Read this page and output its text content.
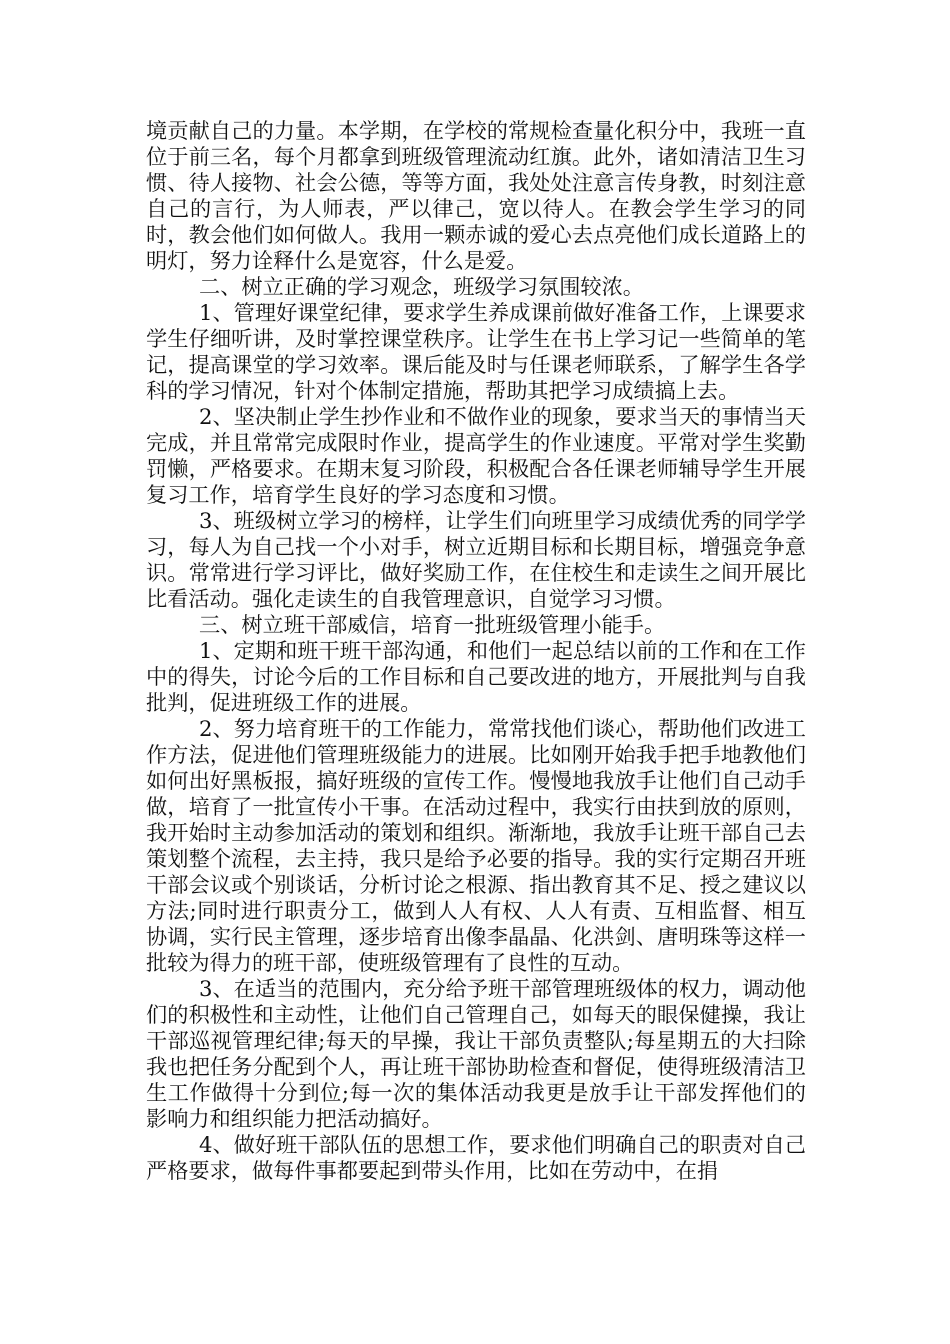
境贡献自己的力量。本学期，在学校的常规检查量化积分中，我班一直位于前三名，每个月都拿到班级管理流动红旗。此外，诸如清洁卫生习惯、待人接物、社会公德，等等方面，我处处注意言传身教，时刻注意自己的言行，为人师表，严以律己，宽以待人。在教会学生学习的同时，教会他们如何做人。我用一颗赤诚的爱心去点亮他们成长道路上的明灯，努力诠释什么是宽容，什么是爱。

二、树立正确的学习观念，班级学习氛围较浓。

1、管理好课堂纪律，要求学生养成课前做好准备工作，上课要求学生仔细听讲，及时掌控课堂秩序。让学生在书上学习记一些简单的笔记，提高课堂的学习效率。课后能及时与任课老师联系，了解学生各学科的学习情况，针对个体制定措施，帮助其把学习成绩搞上去。

2、坚决制止学生抄作业和不做作业的现象，要求当天的事情当天完成，并且常常完成限时作业，提高学生的作业速度。平常对学生奖勤罚懒，严格要求。在期末复习阶段，积极配合各任课老师辅导学生开展复习工作，培育学生良好的学习态度和习惯。

3、班级树立学习的榜样，让学生们向班里学习成绩优秀的同学学习，每人为自己找一个小对手，树立近期目标和长期目标，增强竞争意识。常常进行学习评比，做好奖励工作，在住校生和走读生之间开展比比看活动。强化走读生的自我管理意识，自觉学习习惯。

三、树立班干部威信，培育一批班级管理小能手。

1、定期和班干班干部沟通，和他们一起总结以前的工作和在工作中的得失，讨论今后的工作目标和自己要改进的地方，开展批判与自我批判，促进班级工作的进展。

2、努力培育班干的工作能力，常常找他们谈心，帮助他们改进工作方法，促进他们管理班级能力的进展。比如刚开始我手把手地教他们如何出好黑板报，搞好班级的宣传工作。慢慢地我放手让他们自己动手做，培育了一批宣传小干事。在活动过程中，我实行由扶到放的原则，我开始时主动参加活动的策划和组织。渐渐地，我放手让班干部自己去策划整个流程，去主持，我只是给予必要的指导。我的实行定期召开班干部会议或个别谈话，分析讨论之根源、指出教育其不足、授之建议以方法;同时进行职责分工，做到人人有权、人人有责、互相监督、相互协调，实行民主管理，逐步培育出像李晶晶、化洪剑、唐明珠等这样一批较为得力的班干部，使班级管理有了良性的互动。

3、在适当的范围内，充分给予班干部管理班级体的权力，调动他们的积极性和主动性，让他们自己管理自己，如每天的眼保健操，我让干部巡视管理纪律;每天的早操，我让干部负责整队;每星期五的大扫除我也把任务分配到个人，再让班干部协助检查和督促，使得班级清洁卫生工作做得十分到位;每一次的集体活动我更是放手让干部发挥他们的影响力和组织能力把活动搞好。

4、做好班干部队伍的思想工作，要求他们明确自己的职责对自己严格要求，做每件事都要起到带头作用，比如在劳动中，在捐
